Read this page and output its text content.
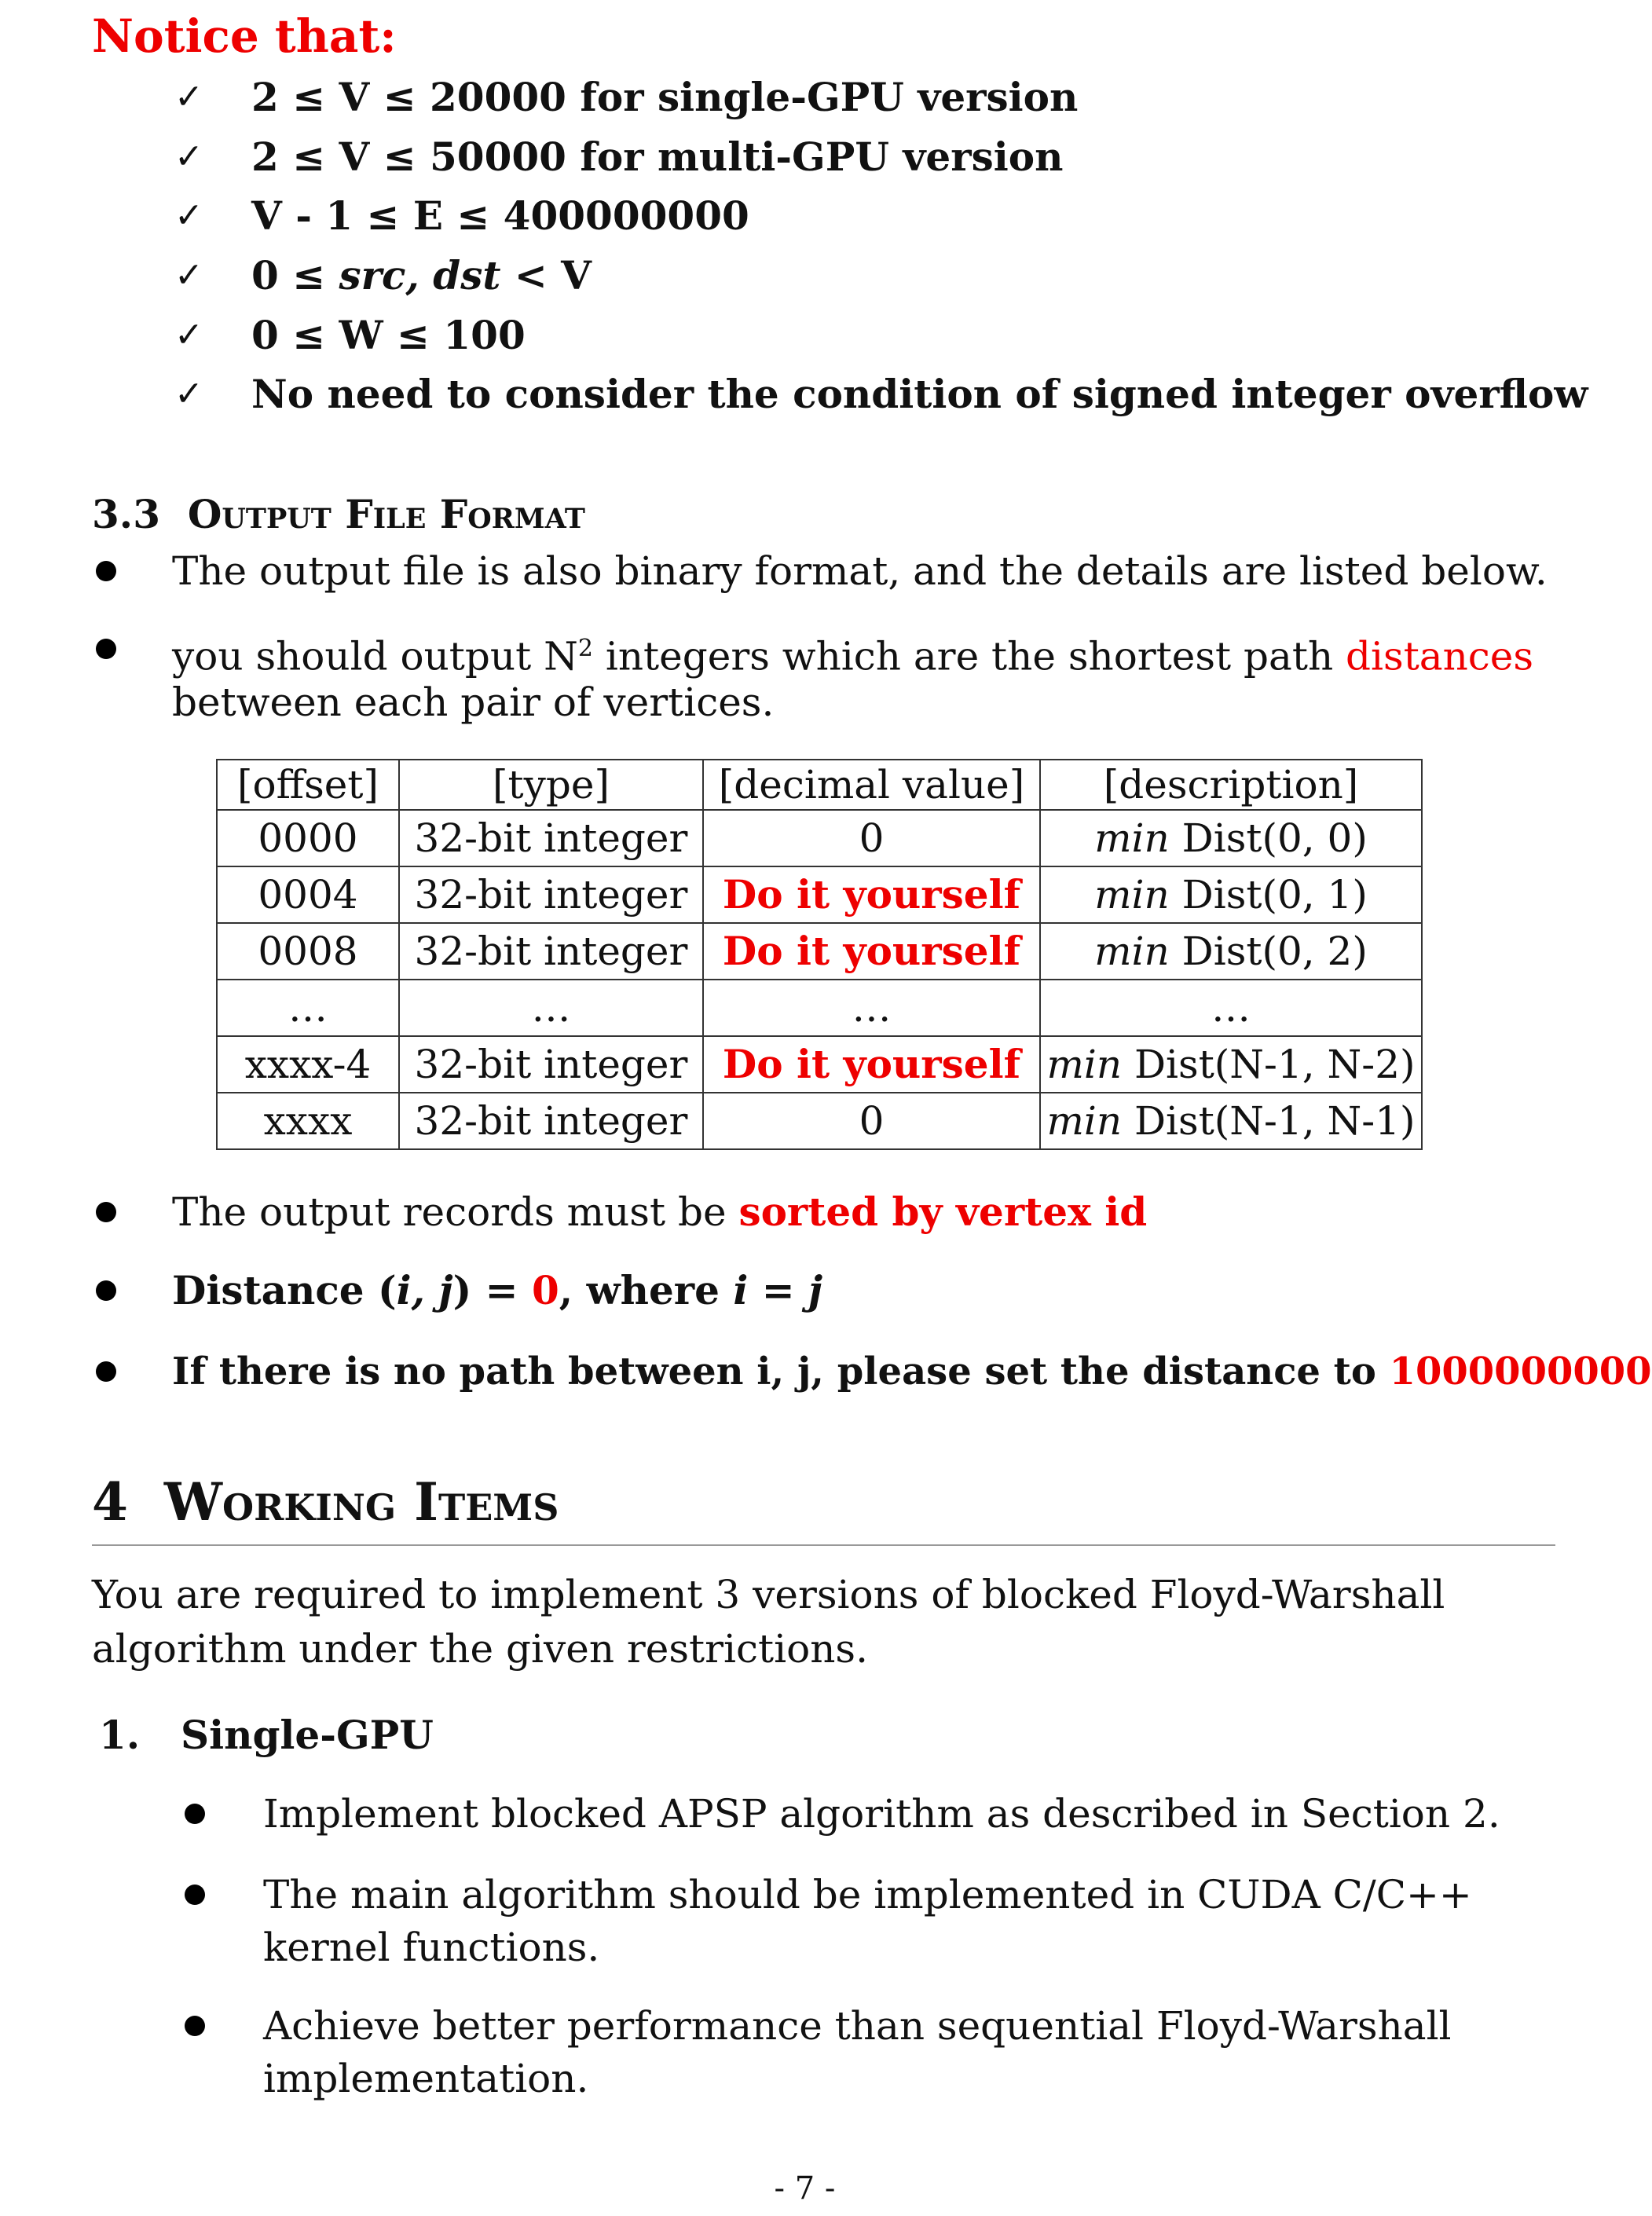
Notice that:
✓ 2 ≤ V ≤ 20000 for single-GPU version
✓ 2 ≤ V ≤ 50000 for multi-GPU version
✓ V - 1 ≤ E ≤ 400000000
✓ 0 ≤ src, dst < V
✓ 0 ≤ W ≤ 100
✓ No need to consider the condition of signed integer overflow
3.3 Output File Format
The output file is also binary format, and the details are listed below.
you should output $N^2$ integers which are the shortest path distances
between each pair of vertices.
[offset]	[type]	[decimal value]	[description]
0000	32-bit integer	0	min Dist(0, 0)
0004	32-bit integer	Do it yourself	min Dist(0, 1)
0008	32-bit integer	Do it yourself	min Dist(0, 2)
…	…	…	…
xxxx-4	32-bit integer	Do it yourself	min Dist(N-1, N-2)
xxxx	32-bit integer	0	min Dist(N-1, N-1)
The output records must be sorted by vertex id
Distance (i, j) = 0, where i = j
If there is no path between i, j, please set the distance to 1000000000
4 Working Items
You are required to implement 3 versions of blocked Floyd-Warshall
algorithm under the given restrictions.
1. Single-GPU
Implement blocked APSP algorithm as described in Section 2.
The main algorithm should be implemented in CUDA C/C++
kernel functions.
Achieve better performance than sequential Floyd-Warshall
implementation.
- 7 -
